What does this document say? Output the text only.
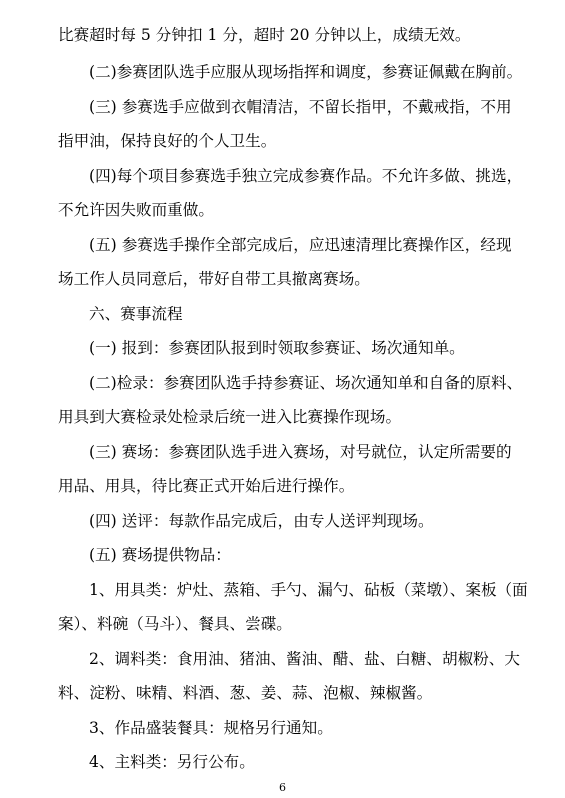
比赛超时每 5 分钟扣 1 分，超时 20 分钟以上，成绩无效。
(二)参赛团队选手应服从现场指挥和调度，参赛证佩戴在胸前。
(三) 参赛选手应做到衣帽清洁，不留长指甲，不戴戒指，不用
指甲油，保持良好的个人卫生。
(四)每个项目参赛选手独立完成参赛作品。不允许多做、挑选，
不允许因失败而重做。
(五) 参赛选手操作全部完成后，应迅速清理比赛操作区，经现
场工作人员同意后，带好自带工具撤离赛场。
六、赛事流程
(一) 报到：参赛团队报到时领取参赛证、场次通知单。
(二)检录：参赛团队选手持参赛证、场次通知单和自备的原料、
用具到大赛检录处检录后统一进入比赛操作现场。
(三) 赛场：参赛团队选手进入赛场，对号就位，认定所需要的
用品、用具，待比赛正式开始后进行操作。
(四) 送评：每款作品完成后，由专人送评判现场。
(五) 赛场提供物品：
1、用具类：炉灶、蒸箱、手勺、漏勺、砧板（菜墩）、案板（面
案）、料碗（马斗）、餐具、尝碟。
2、调料类：食用油、猪油、酱油、醋、盐、白糖、胡椒粉、大
料、淀粉、味精、料酒、葱、姜、蒜、泡椒、辣椒酱。
3、作品盛装餐具：规格另行通知。
4、主料类：另行公布。
6
